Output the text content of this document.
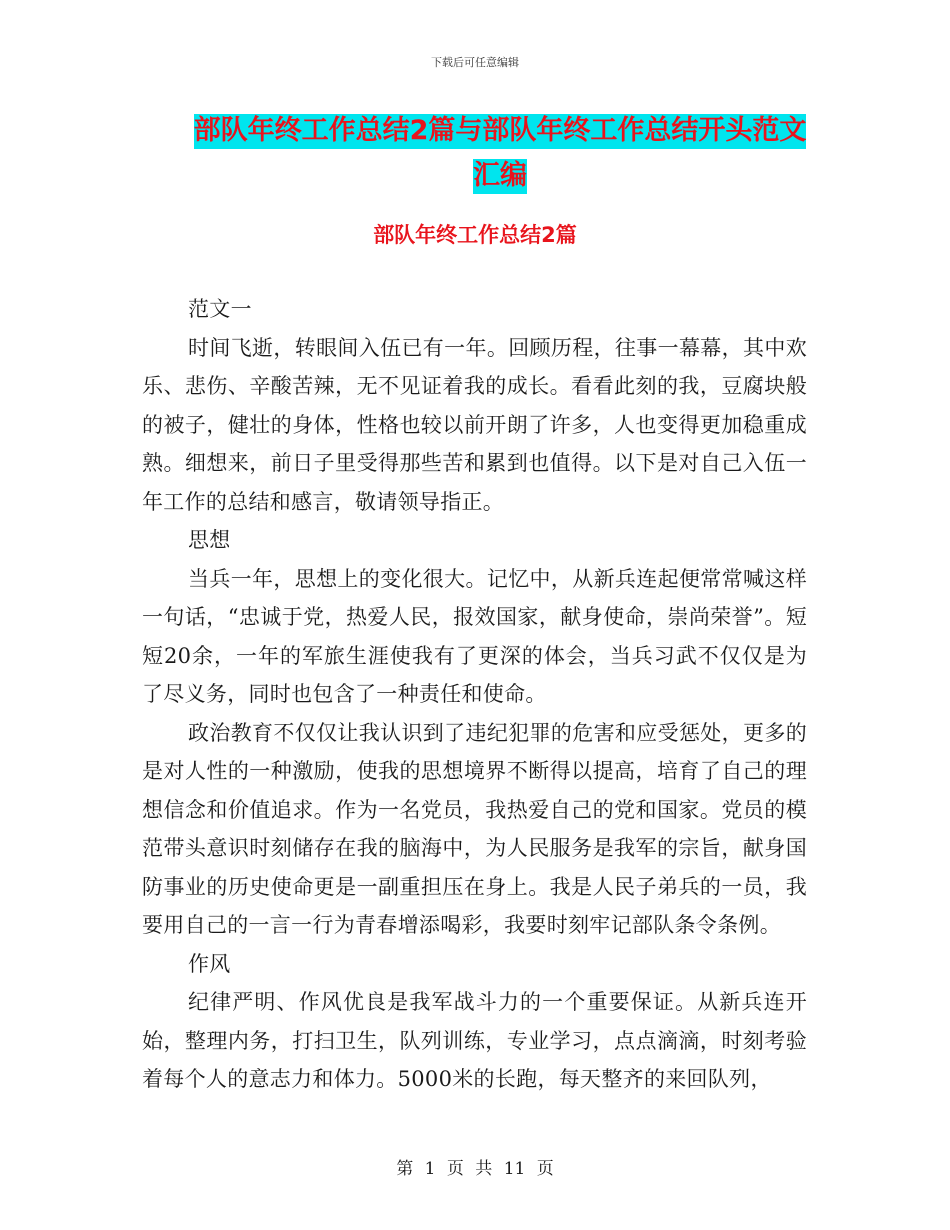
下载后可任意编辑
部队年终工作总结2篇与部队年终工作总结开头范文
汇编
部队年终工作总结2篇

范文一

时间飞逝，转眼间入伍已有一年。回顾历程，往事一幕幕，其中欢乐、悲伤、辛酸苦辣，无不见证着我的成长。看看此刻的我，豆腐块般的被子，健壮的身体，性格也较以前开朗了许多，人也变得更加稳重成熟。细想来，前日子里受得那些苦和累到也值得。以下是对自己入伍一年工作的总结和感言，敬请领导指正。

思想

当兵一年，思想上的变化很大。记忆中，从新兵连起便常常喊这样一句话，“忠诚于党，热爱人民，报效国家，献身使命，崇尚荣誉”。短短20余，一年的军旅生涯使我有了更深的体会，当兵习武不仅仅是为了尽义务，同时也包含了一种责任和使命。

政治教育不仅仅让我认识到了违纪犯罪的危害和应受惩处，更多的是对人性的一种激励，使我的思想境界不断得以提高，培育了自己的理想信念和价值追求。作为一名党员，我热爱自己的党和国家。党员的模范带头意识时刻储存在我的脑海中，为人民服务是我军的宗旨，献身国防事业的历史使命更是一副重担压在身上。我是人民子弟兵的一员，我要用自己的一言一行为青春增添喝彩，我要时刻牢记部队条令条例。

作风

纪律严明、作风优良是我军战斗力的一个重要保证。从新兵连开始，整理内务，打扫卫生，队列训练，专业学习，点点滴滴，时刻考验着每个人的意志力和体力。5000米的长跑，每天整齐的来回队列，

第 1 页 共 11 页
